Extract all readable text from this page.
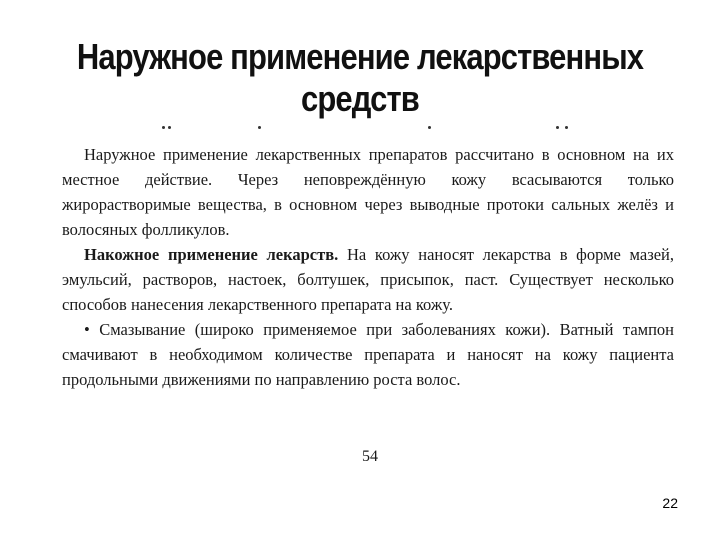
Наружное применение лекарственных средств

Наружное применение лекарственных препаратов рассчитано в основном на их местное действие. Через неповреждённую кожу всасываются только жирорастворимые вещества, в основном через выводные протоки сальных желёз и волосяных фолликулов.

Накожное применение лекарств. На кожу наносят лекарства в форме мазей, эмульсий, растворов, настоек, болтушек, присыпок, паст. Существует несколько способов нанесения лекарственного препарата на кожу.

• Смазывание (широко применяемое при заболеваниях кожи). Ватный тампон смачивают в необходимом количестве препарата и наносят на кожу пациента продольными движениями по направлению роста волос.

54
22
